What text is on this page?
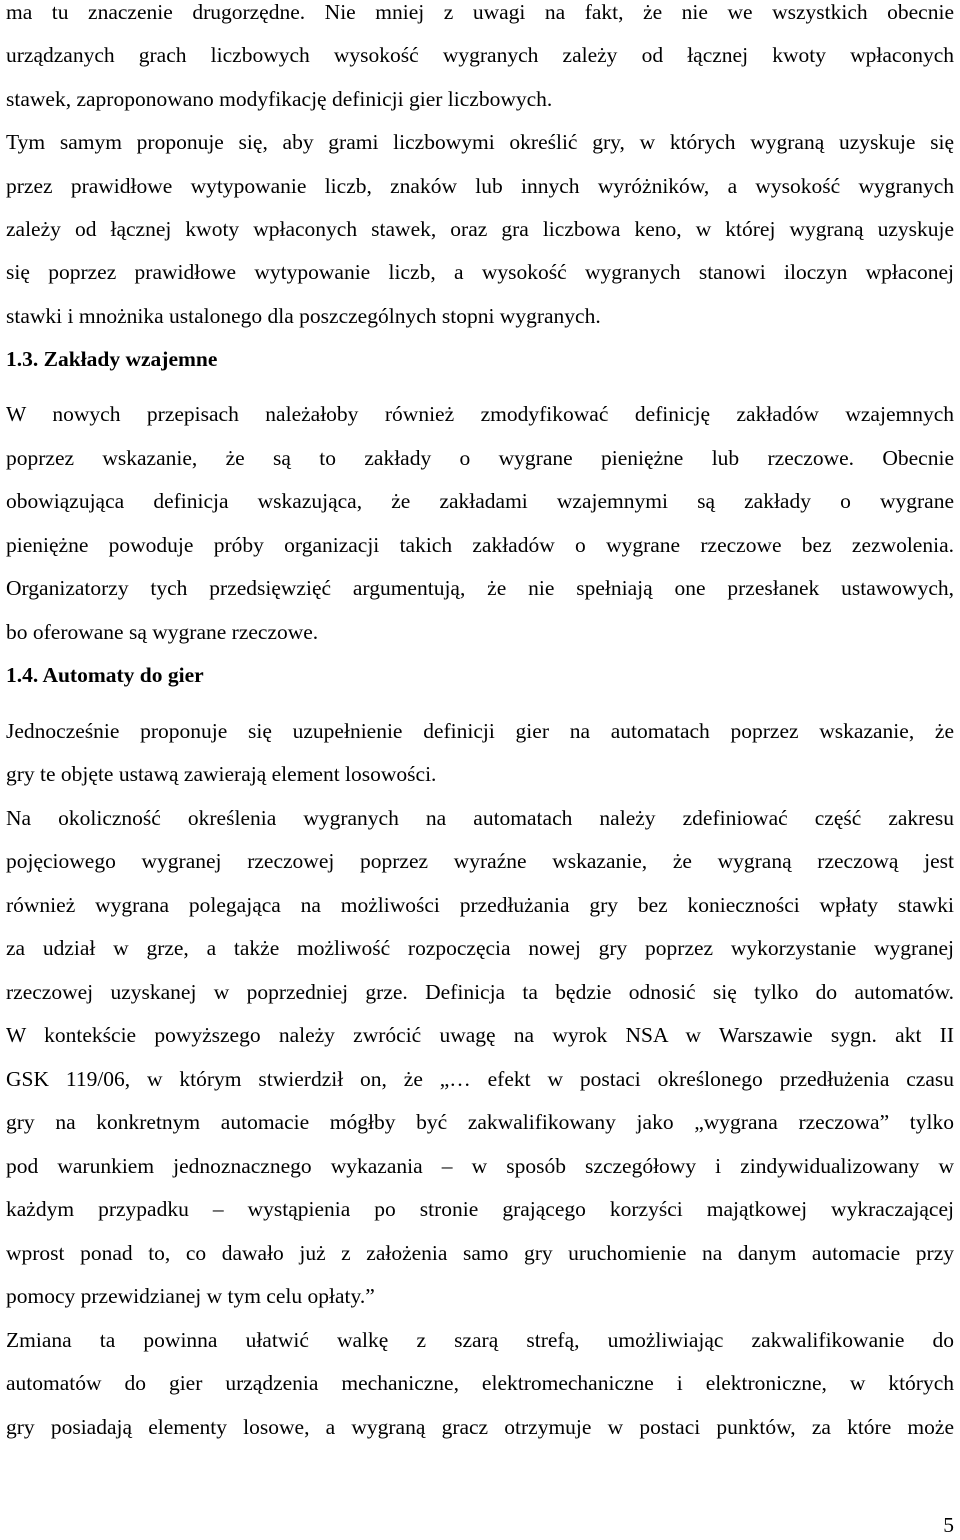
ma tu znaczenie drugorzędne. Nie mniej z uwagi na fakt, że nie we wszystkich obecnie
urządzanych grach liczbowych wysokość wygranych zależy od łącznej kwoty wpłaconych
stawek, zaproponowano modyfikację definicji gier liczbowych.
Tym samym proponuje się, aby grami liczbowymi określić gry, w których wygraną uzyskuje się
przez prawidłowe wytypowanie liczb, znaków lub innych wyróżników, a wysokość wygranych
zależy od łącznej kwoty wpłaconych stawek, oraz gra liczbowa keno, w której wygraną uzyskuje
się poprzez prawidłowe wytypowanie liczb, a wysokość wygranych stanowi iloczyn wpłaconej
stawki i mnożnika ustalonego dla poszczególnych stopni wygranych.
1.3. Zakłady wzajemne
W nowych przepisach należałoby również zmodyfikować definicję zakładów wzajemnych
poprzez wskazanie, że są to zakłady o wygrane pieniężne lub rzeczowe. Obecnie
obowiązująca definicja wskazująca, że zakładami wzajemnymi są zakłady o wygrane
pieniężne powoduje próby organizacji takich zakładów o wygrane rzeczowe bez zezwolenia.
Organizatorzy tych przedsięwzięć argumentują, że nie spełniają one przesłanek ustawowych,
bo oferowane są wygrane rzeczowe.
1.4. Automaty do gier
Jednocześnie proponuje się uzupełnienie definicji gier na automatach poprzez wskazanie, że
gry te objęte ustawą zawierają element losowości.
Na okoliczność określenia wygranych na automatach należy zdefiniować część zakresu
pojęciowego wygranej rzeczowej poprzez wyraźne wskazanie, że wygraną rzeczową jest
również wygrana polegająca na możliwości przedłużania gry bez konieczności wpłaty stawki
za udział w grze, a także możliwość rozpoczęcia nowej gry poprzez wykorzystanie wygranej
rzeczowej uzyskanej w poprzedniej grze. Definicja ta będzie odnosić się tylko do automatów.
W kontekście powyższego należy zwrócić uwagę na wyrok NSA w Warszawie sygn. akt II
GSK 119/06, w którym stwierdził on, że „… efekt w postaci określonego przedłużenia czasu
gry na konkretnym automacie mógłby być zakwalifikowany jako „wygrana rzeczowa” tylko
pod warunkiem jednoznacznego wykazania – w sposób szczegółowy i zindywidualizowany w
każdym przypadku – wystąpienia po stronie grającego korzyści majątkowej wykraczającej
wprost ponad to, co dawało już z założenia samo gry uruchomienie na danym automacie przy
pomocy przewidzianej w tym celu opłaty.”
Zmiana ta powinna ułatwić walkę z szarą strefą, umożliwiając zakwalifikowanie do
automatów do gier urządzenia mechaniczne, elektromechaniczne i elektroniczne, w których
gry posiadają elementy losowe, a wygraną gracz otrzymuje w postaci punktów, za które może
5
